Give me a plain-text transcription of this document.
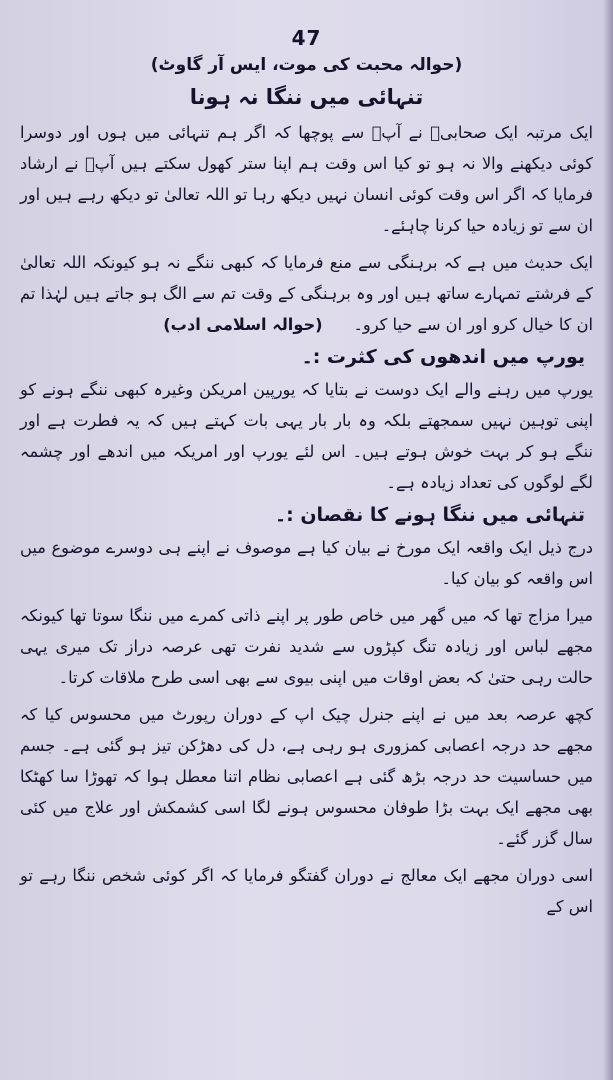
47
(حوالہ محبت کی موت، ایس آر گاوٹ)
تنہائی میں ننگا نہ ہونا

ایک مرتبہ ایک صحابیؓ نے آپؐ سے پوچھا کہ اگر ہم تنہائی میں ہوں اور دوسرا کوئی دیکھنے والا نہ ہو تو کیا اس وقت ہم اپنا ستر کھول سکتے ہیں آپؐ نے ارشاد فرمایا کہ اگر اس وقت کوئی انسان نہیں دیکھ رہا تو اللہ تعالیٰ تو دیکھ رہے ہیں اور ان سے تو زیادہ حیا کرنا چاہئے۔

ایک حدیث میں ہے کہ برہنگی سے منع فرمایا کہ کبھی ننگے نہ ہو کیونکہ اللہ تعالیٰ کے فرشتے تمہارے ساتھ ہیں اور وہ برہنگی کے وقت تم سے الگ ہو جاتے ہیں لہٰذا تم ان کا خیال کرو اور ان سے حیا کرو۔      (حوالہ اسلامی ادب)

یورپ میں اندھوں کی کثرت :۔

یورپ میں رہنے والے ایک دوست نے بتایا کہ یورپین امریکن وغیرہ کبھی ننگے ہونے کو اپنی توہین نہیں سمجھتے بلکہ وہ بار بار یہی بات کہتے ہیں کہ یہ فطرت ہے اور ننگے ہو کر بہت خوش ہوتے ہیں۔ اس لئے یورپ اور امریکہ میں اندھے اور چشمہ لگے لوگوں کی تعداد زیادہ ہے۔

تنہائی میں ننگا ہونے کا نقصان :۔

درج ذیل ایک واقعہ ایک مورخ نے بیان کیا ہے موصوف نے اپنے ہی دوسرے موضوع میں اس واقعہ کو بیان کیا۔

میرا مزاج تھا کہ میں گھر میں خاص طور پر اپنے ذاتی کمرے میں ننگا سوتا تھا کیونکہ مجھے لباس اور زیادہ تنگ کپڑوں سے شدید نفرت تھی عرصہ دراز تک میری یہی حالت رہی حتیٰ کہ بعض اوقات میں اپنی بیوی سے بھی اسی طرح ملاقات کرتا۔

کچھ عرصہ بعد میں نے اپنے جنرل چیک اپ کے دوران رپورٹ میں محسوس کیا کہ مجھے حد درجہ اعصابی کمزوری ہو رہی ہے، دل کی دھڑکن تیز ہو گئی ہے۔ جسم میں حساسیت حد درجہ بڑھ گئی ہے اعصابی نظام اتنا معطل ہوا کہ تھوڑا سا کھٹکا بھی مجھے ایک بہت بڑا طوفان محسوس ہونے لگا اسی کشمکش اور علاج میں کئی سال گزر گئے۔

اسی دوران مجھے ایک معالج نے دوران گفتگو فرمایا کہ اگر کوئی شخص ننگا رہے تو اس کے
